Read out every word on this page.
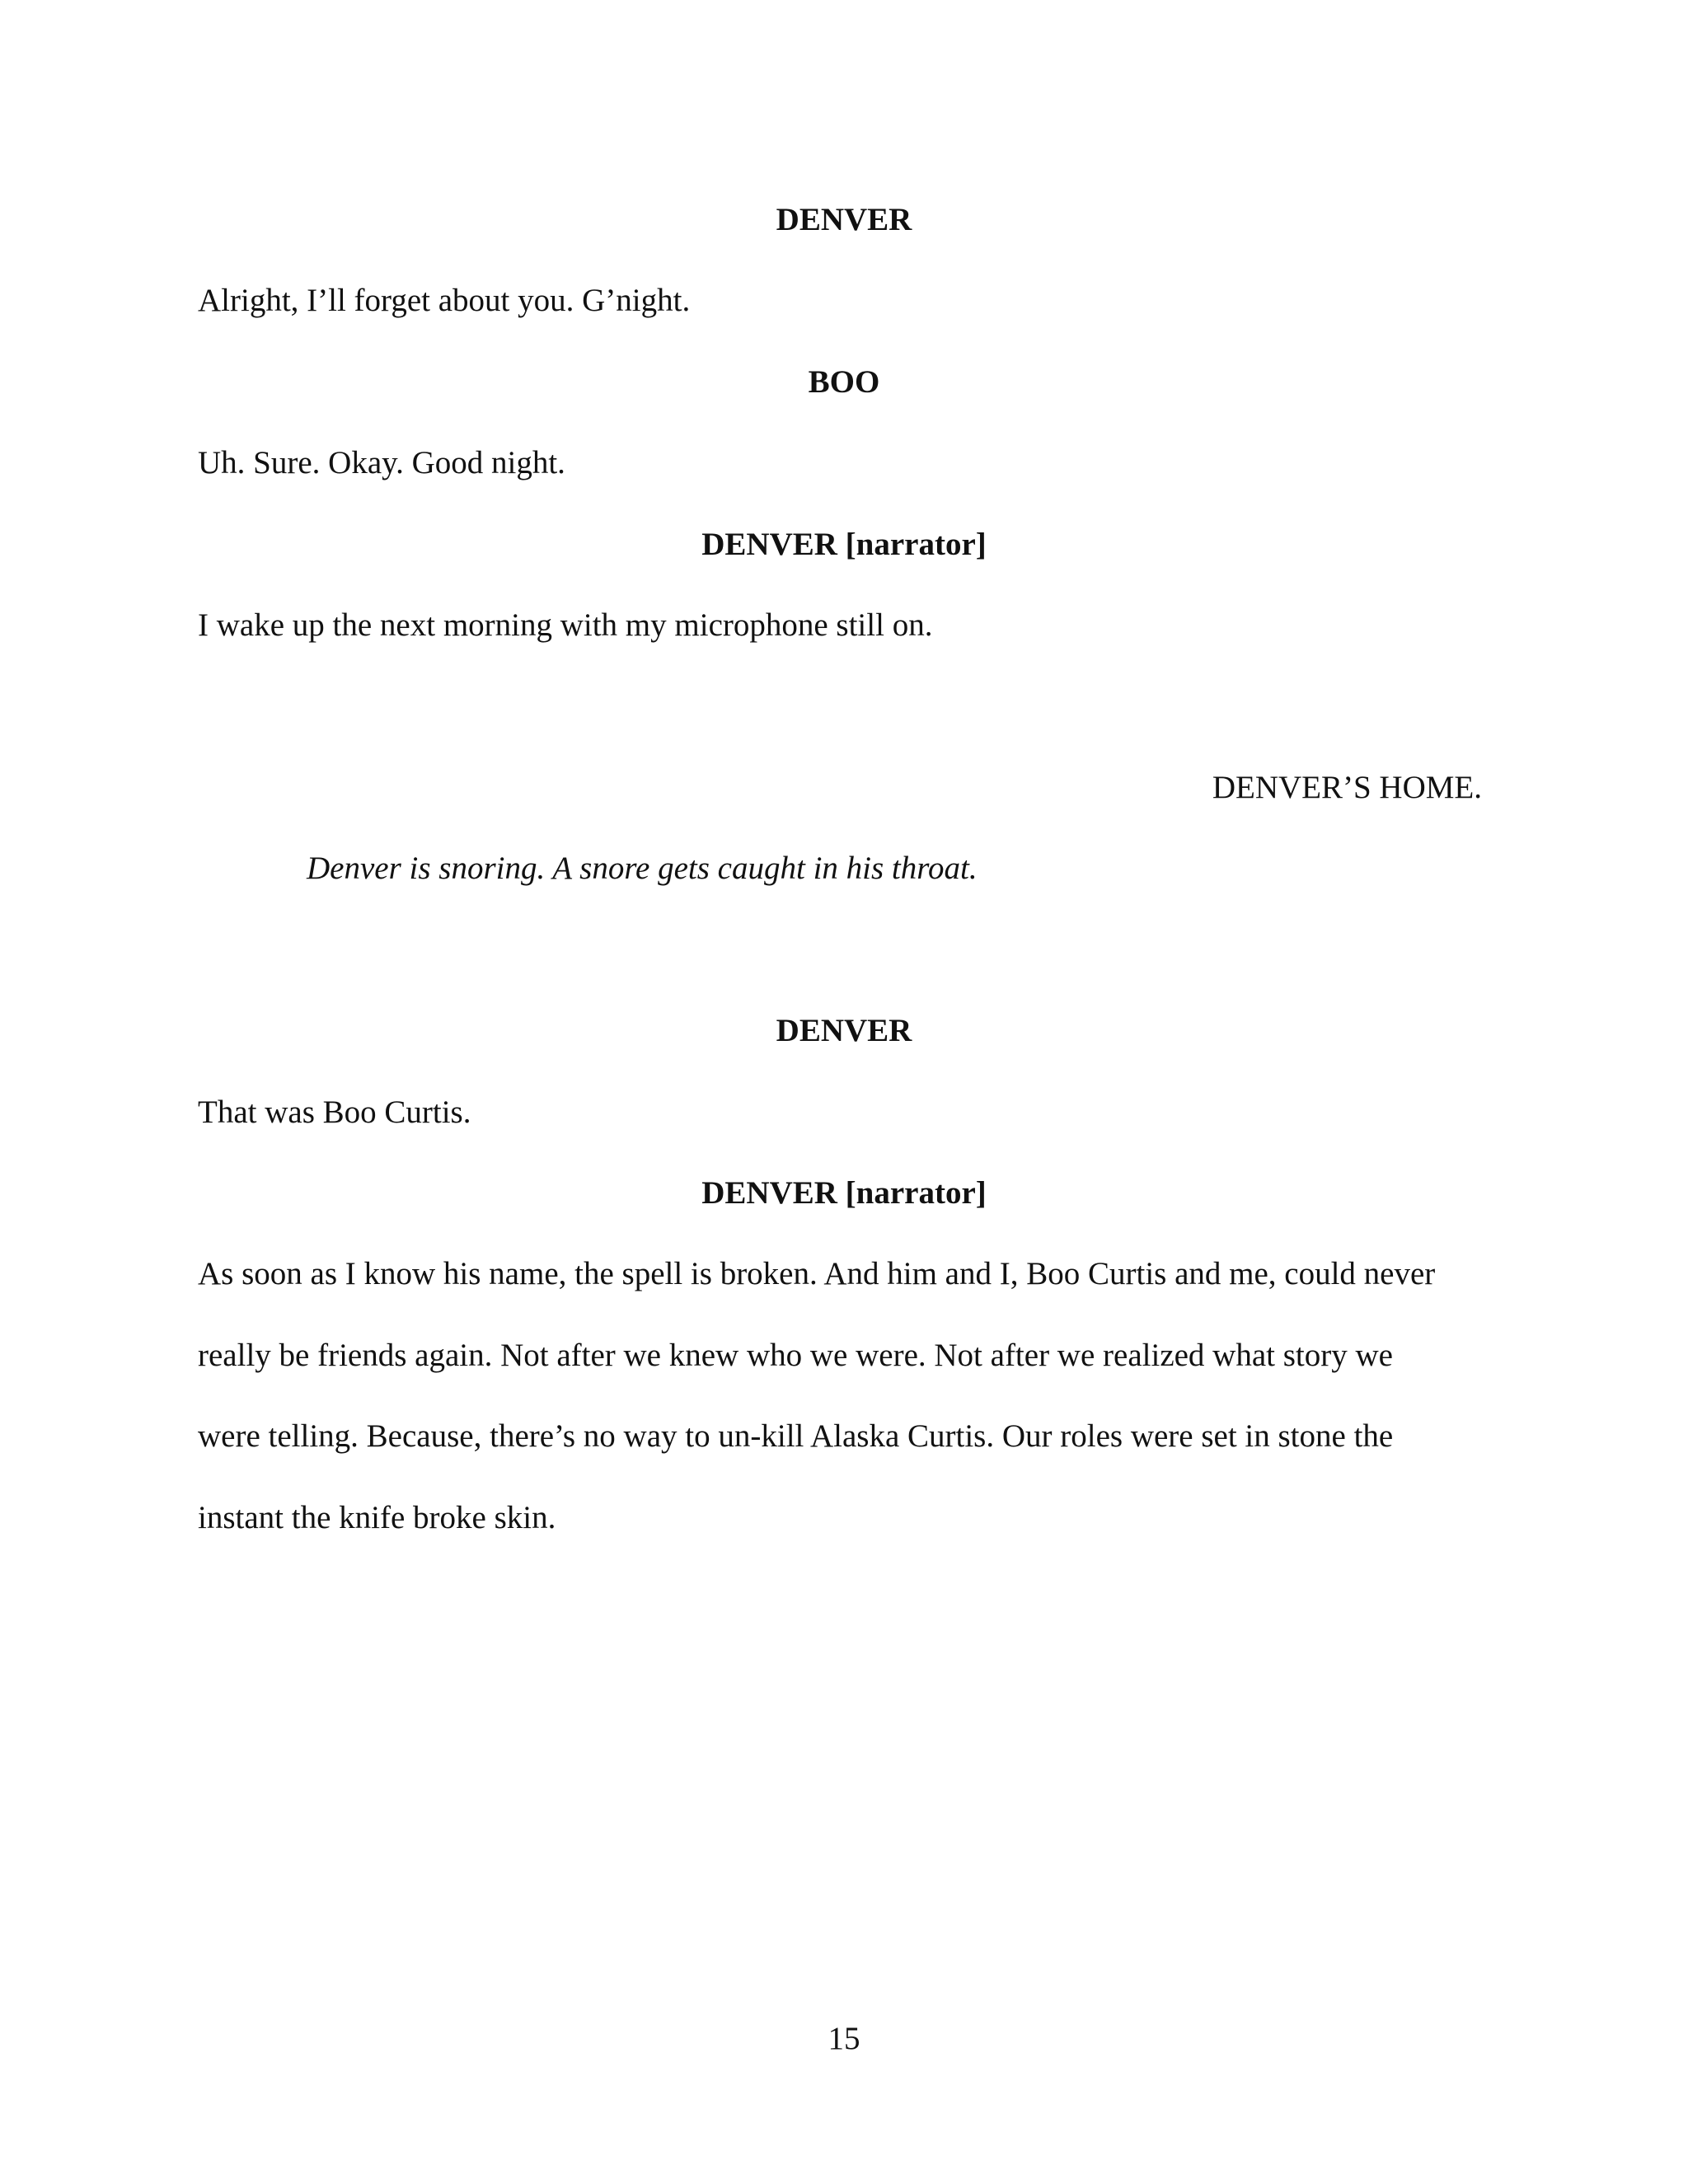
DENVER
Alright, I’ll forget about you. G’night.
BOO
Uh. Sure. Okay. Good night.
DENVER [narrator]
I wake up the next morning with my microphone still on.
DENVER’S HOME.
Denver is snoring. A snore gets caught in his throat.
DENVER
That was Boo Curtis.
DENVER [narrator]
As soon as I know his name, the spell is broken. And him and I, Boo Curtis and me, could never
really be friends again. Not after we knew who we were. Not after we realized what story we
were telling. Because, there’s no way to un-kill Alaska Curtis. Our roles were set in stone the
instant the knife broke skin.
15
